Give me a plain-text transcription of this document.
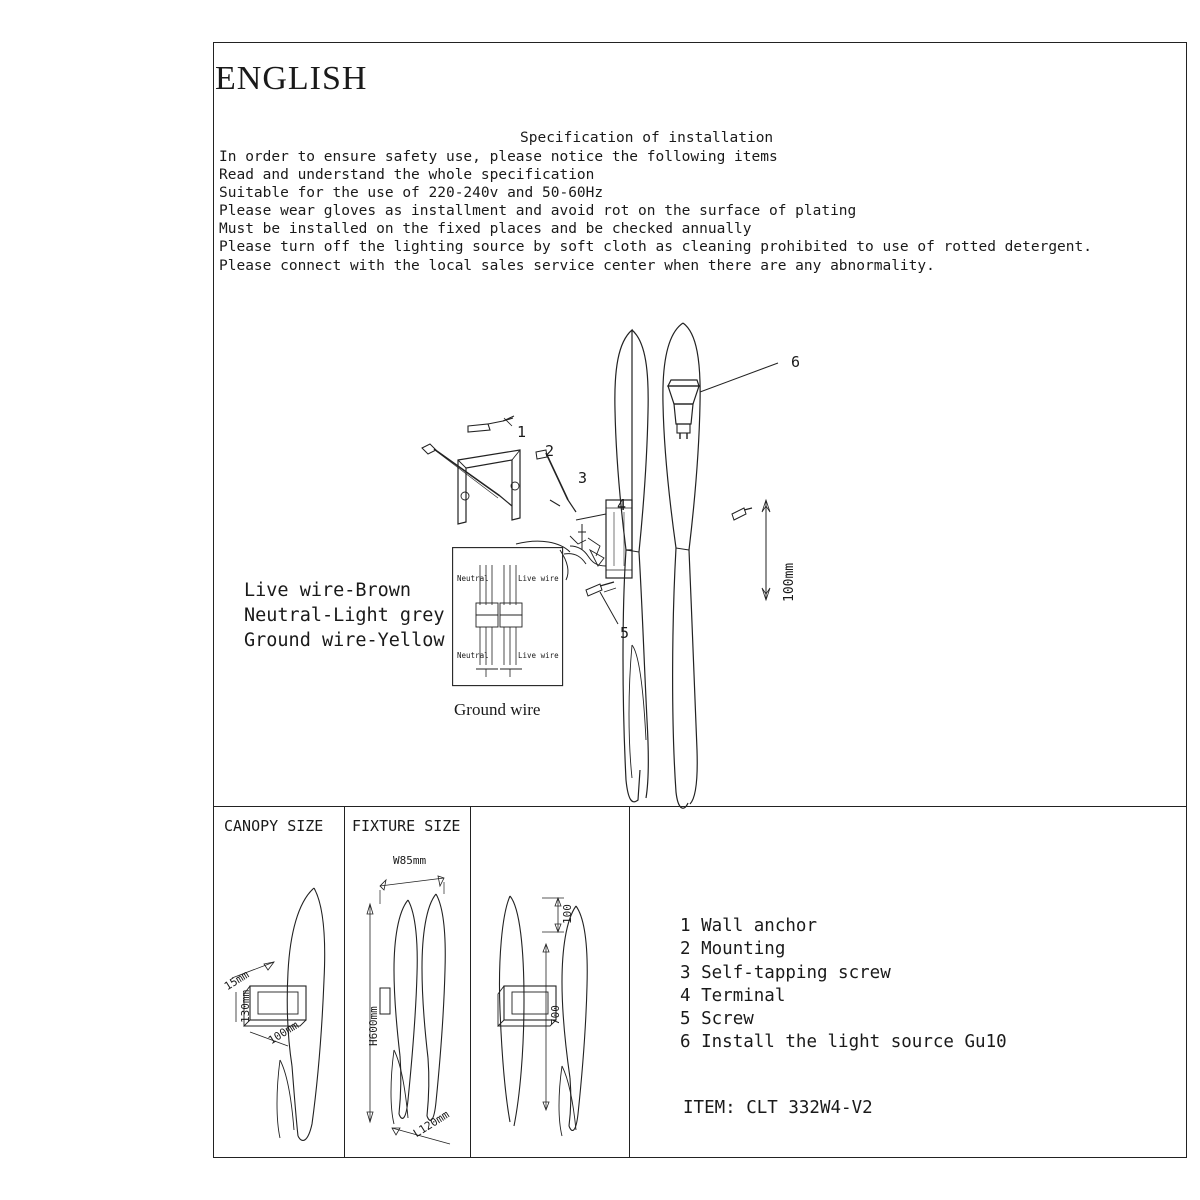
ENGLISH
Specification of installation
In order to ensure safety use, please notice the following items
Read and understand the whole specification
Suitable for the use of 220-240v and 50-60Hz
Please wear gloves as installment and avoid rot on the surface of plating
Must be installed on the fixed places and be checked annually
Please turn off the lighting source by soft cloth as cleaning prohibited to use of rotted detergent.
Please connect with the local sales service center when there are any abnormality.
1
2
3
4
5
6
100mm
Neutral	Live wire
Neutral	Live wire
Live wire-Brown
Neutral-Light grey
Ground wire-Yellow
Ground wire
CANOPY SIZE FIXTURE SIZE
15mm
130mm
100mm
W85mm
H600mm
L120mm
100
700
1 Wall anchor
2 Mounting
3 Self-tapping screw
4 Terminal
5 Screw
6 Install the light source Gu10
ITEM: CLT 332W4-V2
